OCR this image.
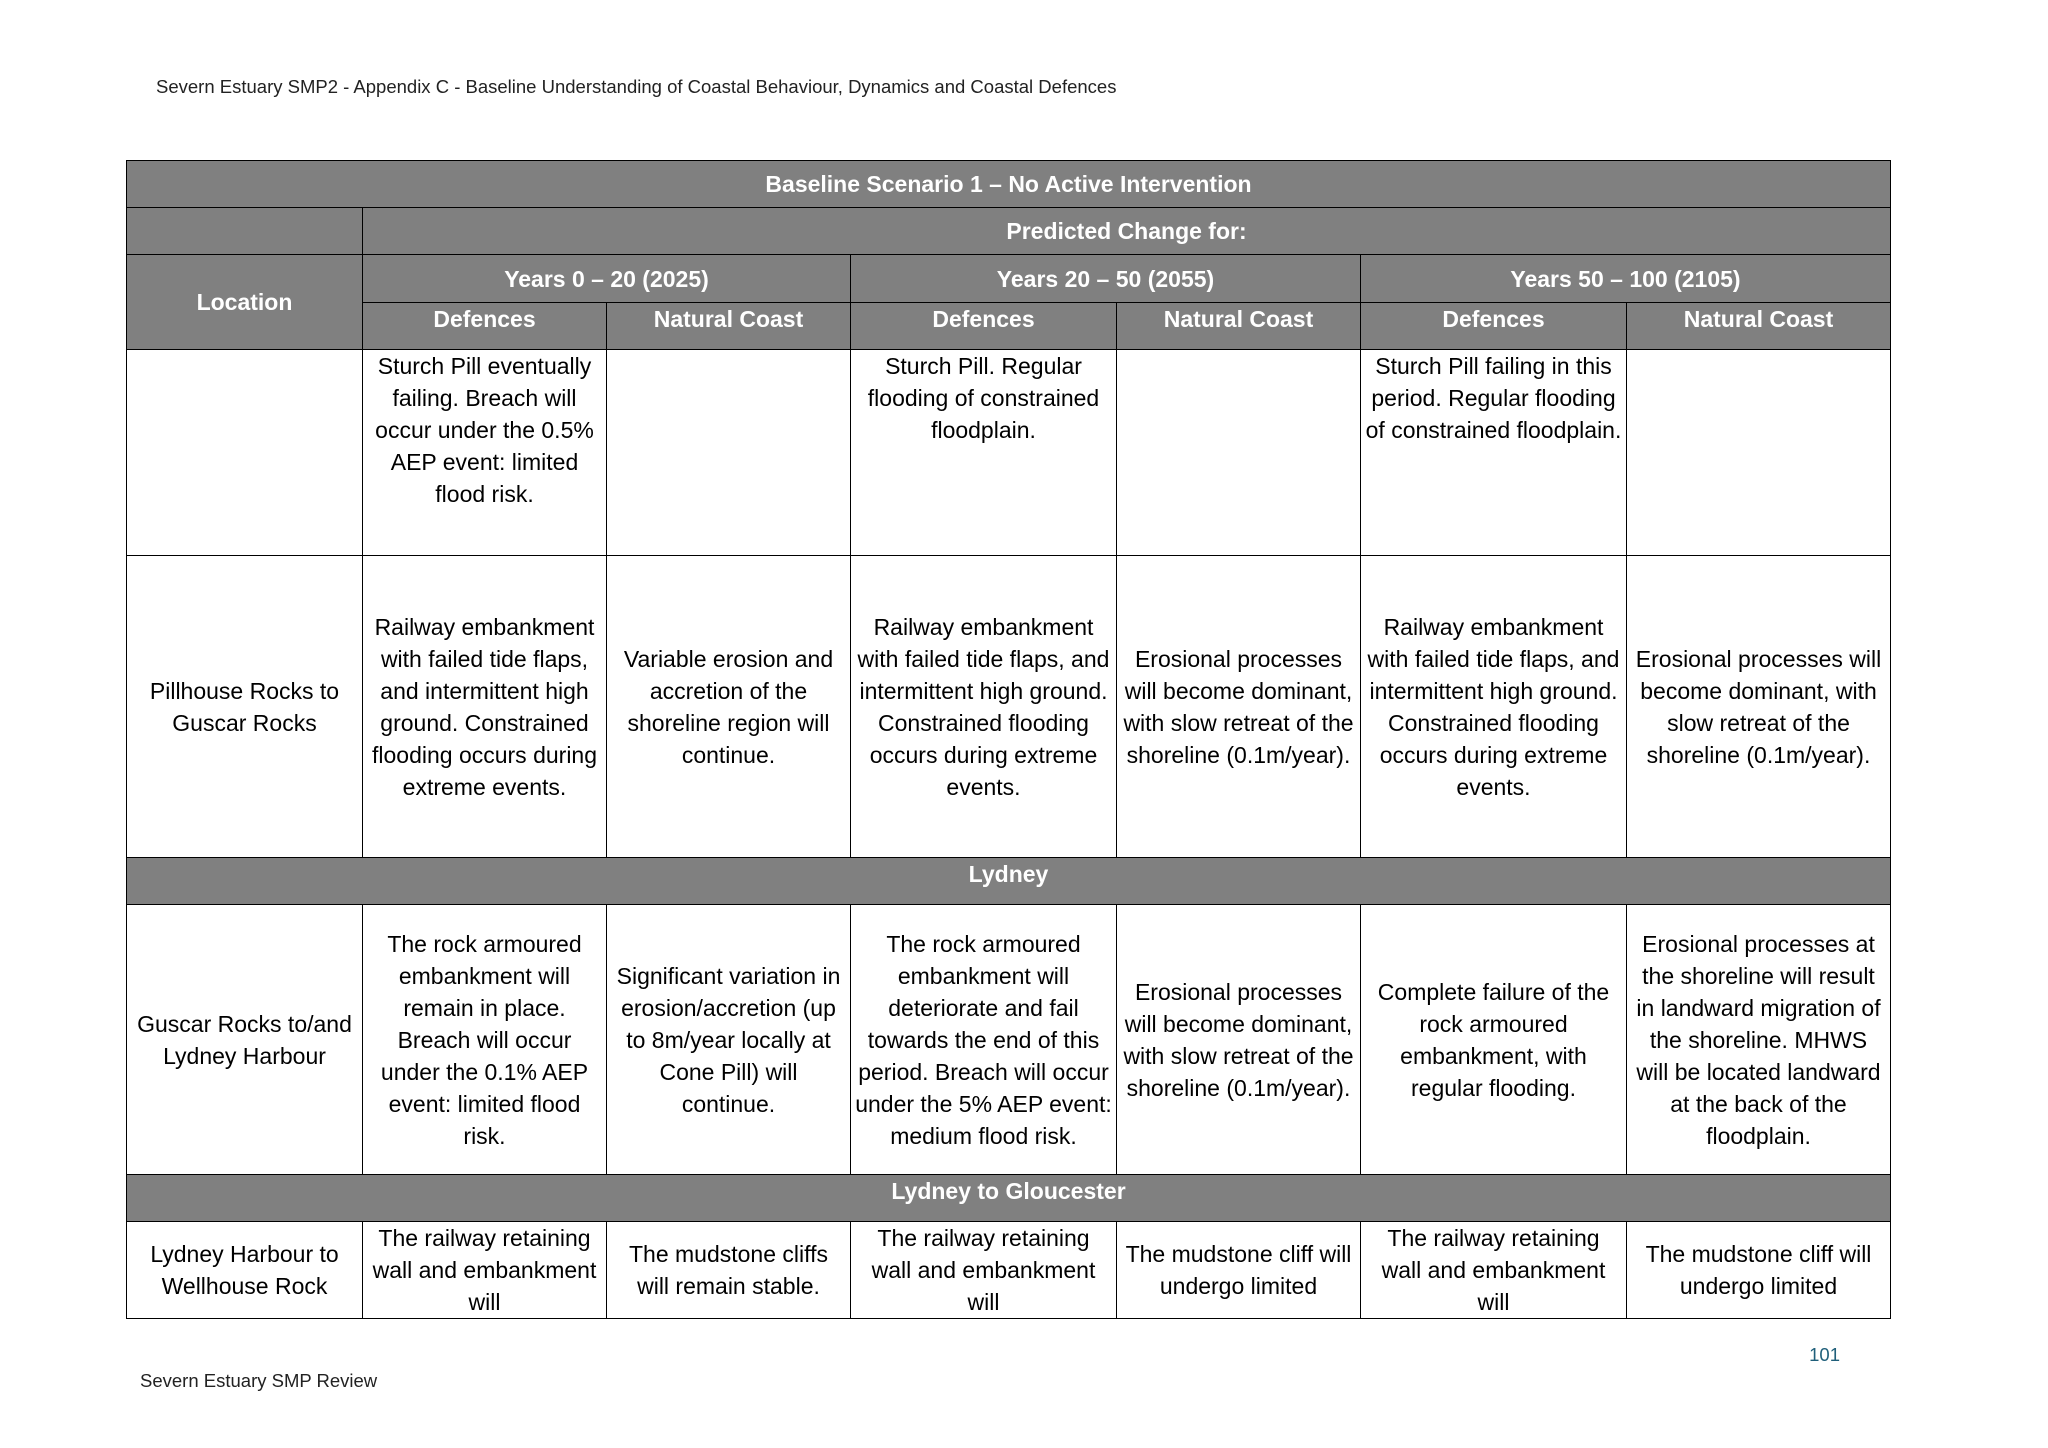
Severn Estuary SMP2 - Appendix C - Baseline Understanding of Coastal Behaviour, Dynamics and Coastal Defences
Baseline Scenario 1 – No Active Intervention						
	Predicted Change for:					
Location	Years 0 – 20 (2025)		Years 20 – 50 (2055)		Years 50 – 100 (2105)	
	Defences	Natural Coast	Defences	Natural Coast	Defences	Natural Coast
	Sturch Pill eventually failing. Breach will occur under the 0.5% AEP event: limited flood risk.		Sturch Pill. Regular flooding of constrained floodplain.		Sturch Pill failing in this period. Regular flooding of constrained floodplain.	
Pillhouse Rocks to Guscar Rocks	Railway embankment with failed tide flaps, and intermittent high ground. Constrained flooding occurs during extreme events.	Variable erosion and accretion of the shoreline region will continue.	Railway embankment with failed tide flaps, and intermittent high ground. Constrained flooding occurs during extreme events.	Erosional processes will become dominant, with slow retreat of the shoreline (0.1m/year).	Railway embankment with failed tide flaps, and intermittent high ground. Constrained flooding occurs during extreme events.	Erosional processes will become dominant, with slow retreat of the shoreline (0.1m/year).
Lydney						
Guscar Rocks to/and Lydney Harbour	The rock armoured embankment will remain in place. Breach will occur under the 0.1% AEP event: limited flood risk.	Significant variation in erosion/accretion (up to 8m/year locally at Cone Pill) will continue.	The rock armoured embankment will deteriorate and fail towards the end of this period. Breach will occur under the 5% AEP event: medium flood risk.	Erosional processes will become dominant, with slow retreat of the shoreline (0.1m/year).	Complete failure of the rock armoured embankment, with regular flooding.	Erosional processes at the shoreline will result in landward migration of the shoreline. MHWS will be located landward at the back of the floodplain.
Lydney to Gloucester						
Lydney Harbour to Wellhouse Rock	The railway retaining wall and embankment will	The mudstone cliffs will remain stable.	The railway retaining wall and embankment will	The mudstone cliff will undergo limited	The railway retaining wall and embankment will	The mudstone cliff will undergo limited
101
Severn Estuary SMP Review
